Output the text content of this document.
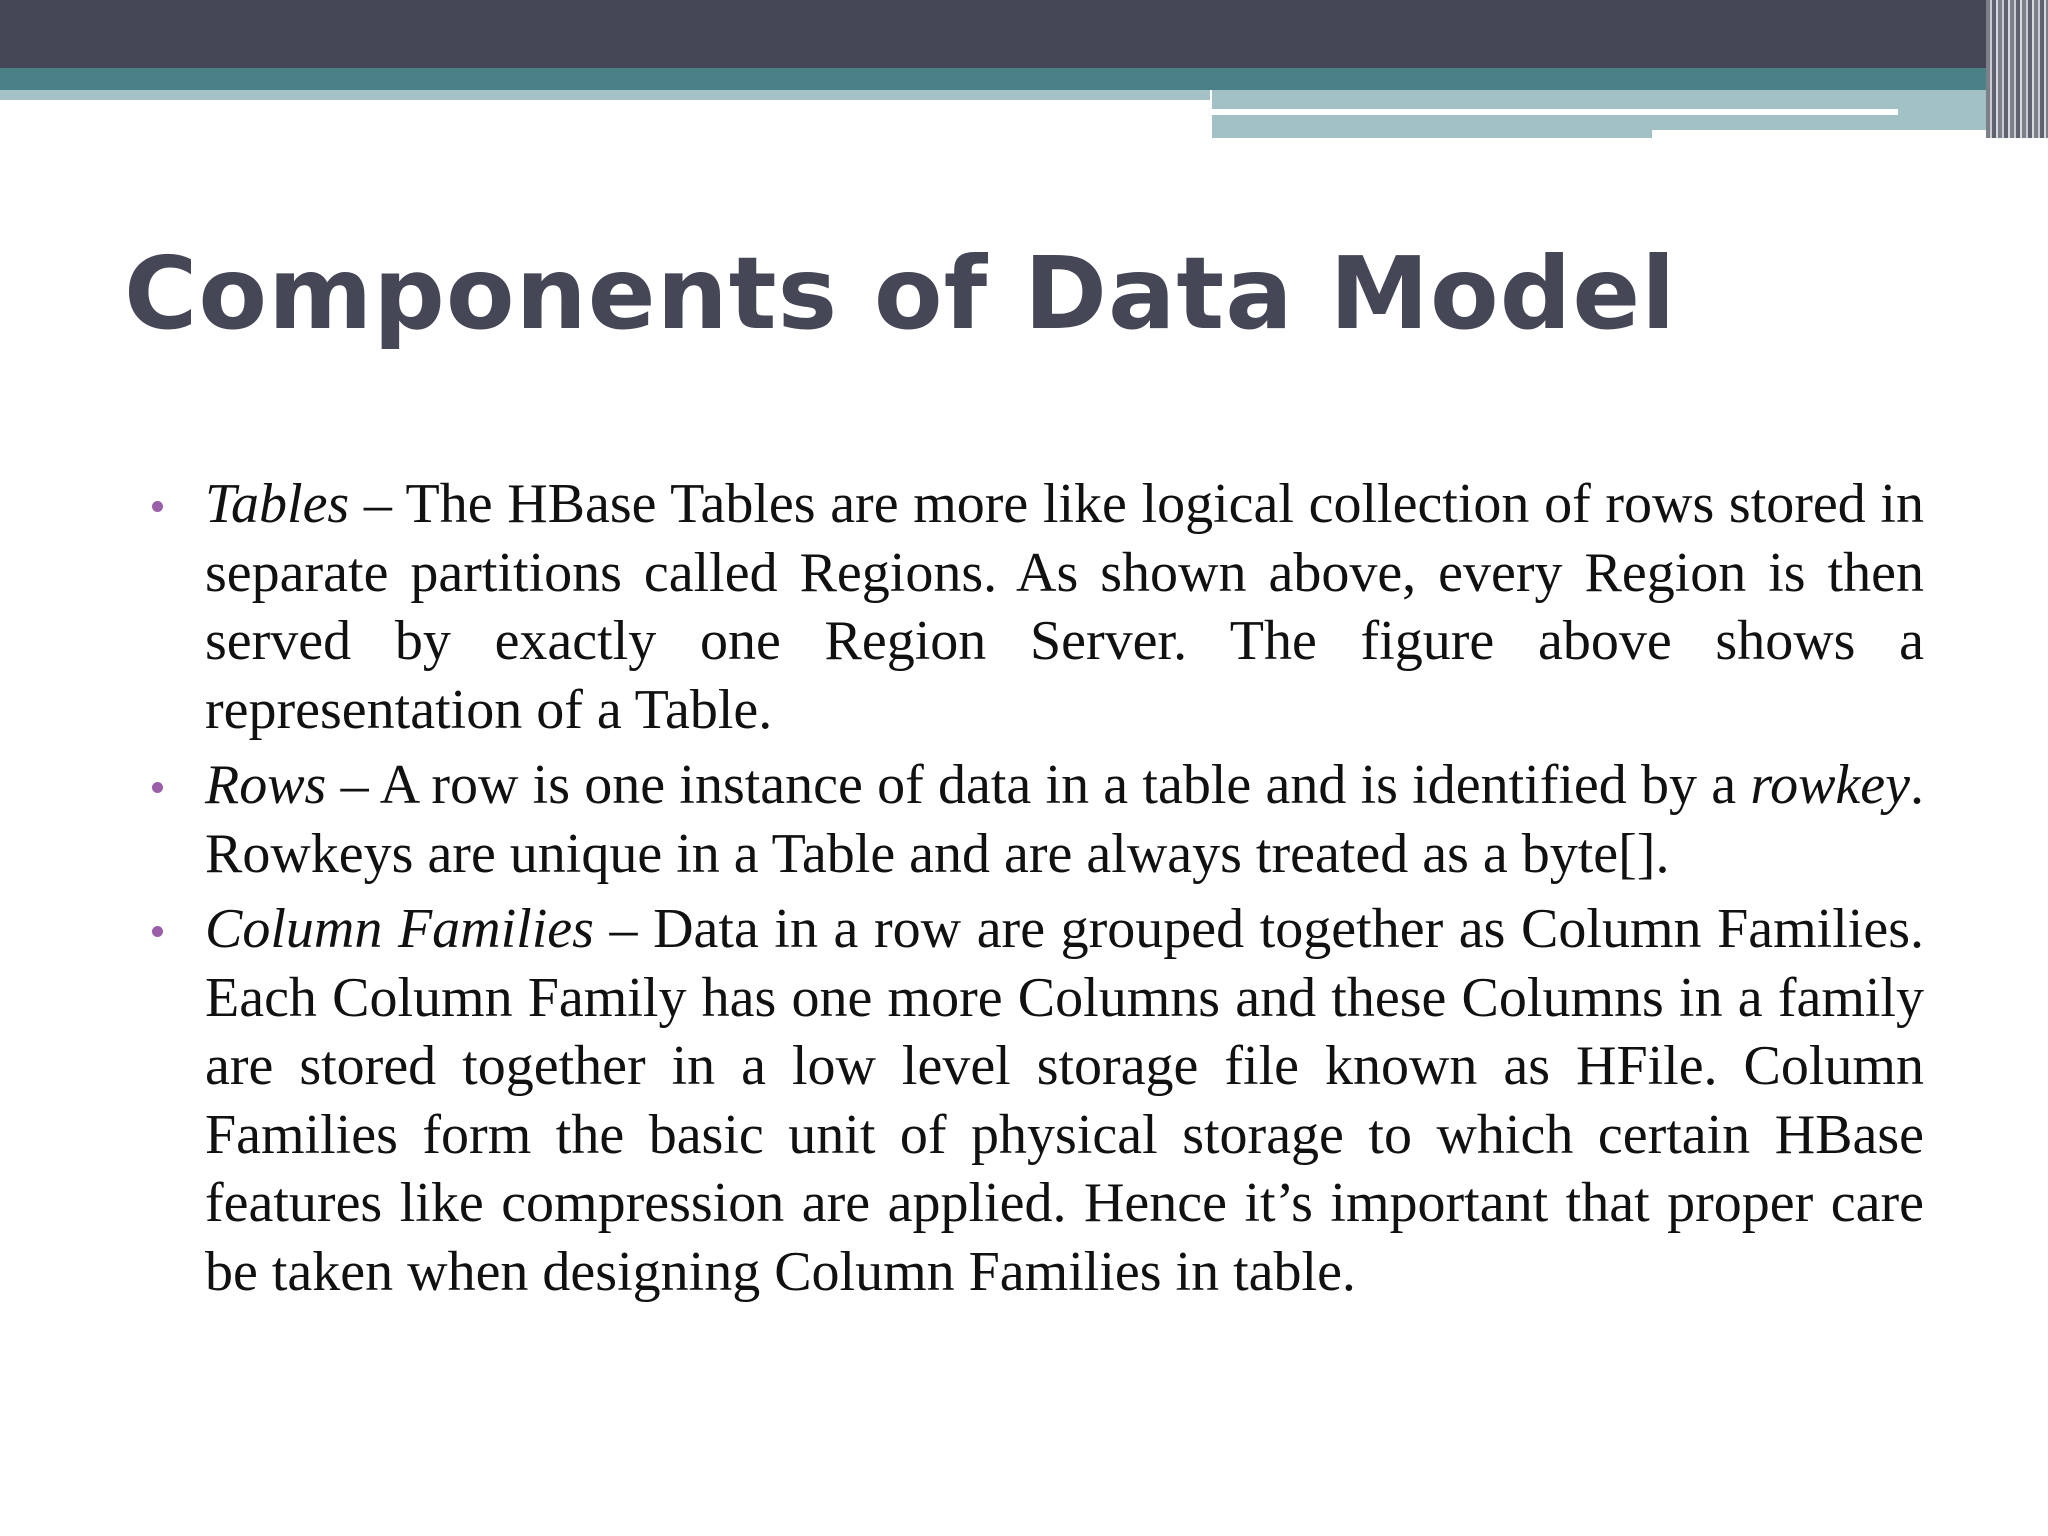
Components of Data Model
Tables – The HBase Tables are more like logical collection of rows stored in separate partitions called Regions. As shown above, every Region is then served by exactly one Region Server. The figure above shows a representation of a Table.
Rows – A row is one instance of data in a table and is identified by a rowkey. Rowkeys are unique in a Table and are always treated as a byte[].
Column Families – Data in a row are grouped together as Column Families. Each Column Family has one more Columns and these Columns in a family are stored together in a low level storage file known as HFile. Column Families form the basic unit of physical storage to which certain HBase features like compression are applied. Hence it’s important that proper care be taken when designing Column Families in table.
